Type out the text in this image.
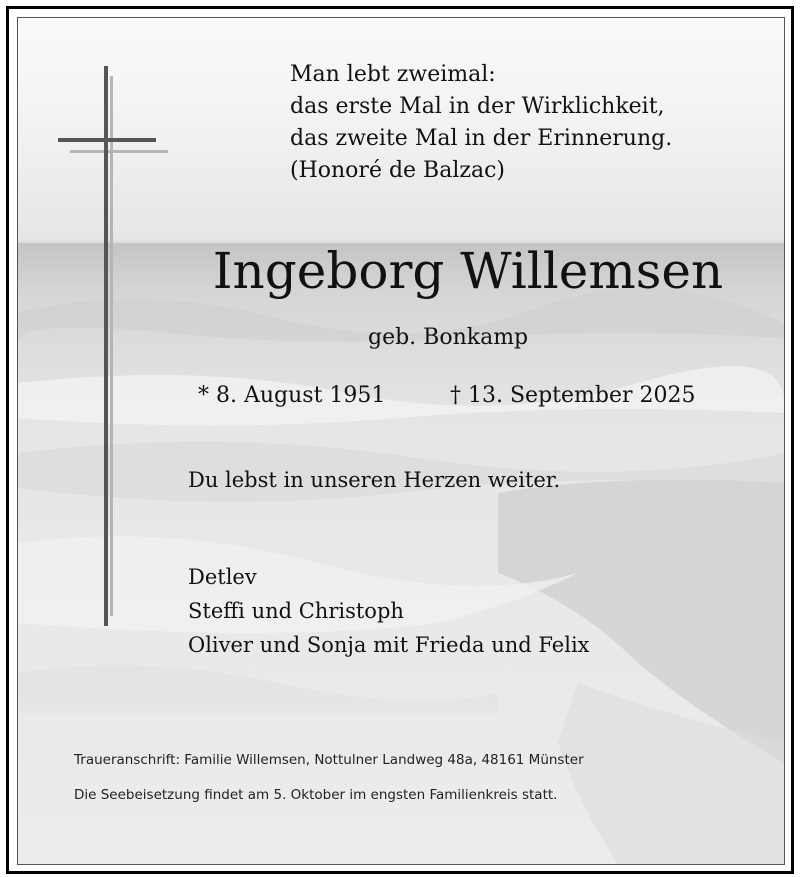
Man lebt zweimal:
das erste Mal in der Wirklichkeit,
das zweite Mal in der Erinnerung.
(Honoré de Balzac)
Ingeborg Willemsen
geb. Bonkamp
* 8. August 1951	† 13. September 2025
Du lebst in unseren Herzen weiter.
Detlev
Steffi und Christoph
Oliver und Sonja mit Frieda und Felix
Traueranschrift: Familie Willemsen, Nottulner Landweg 48a, 48161 Münster
Die Seebeisetzung findet am 5. Oktober im engsten Familienkreis statt.
